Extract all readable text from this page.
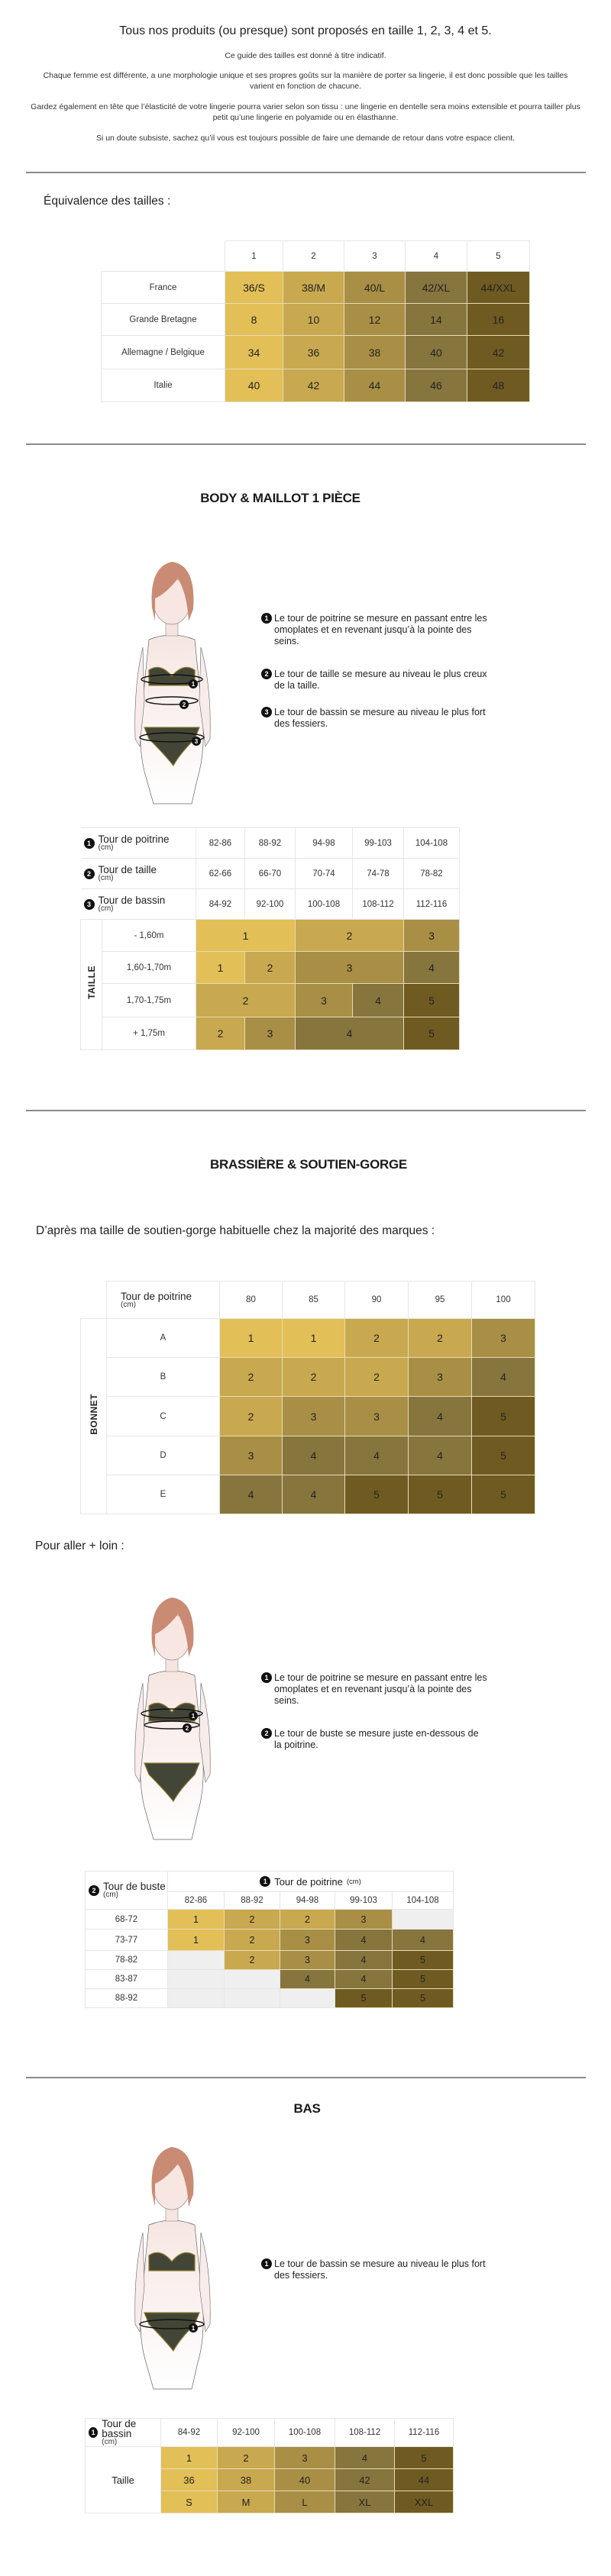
Tous nos produits (ou presque) sont proposés en taille 1, 2, 3, 4 et 5.
Ce guide des tailles est donné à titre indicatif.
Chaque femme est différente, a une morphologie unique et ses propres goûts sur la manière de porter sa lingerie, il est donc possible que les tailles varient en fonction de chacune.
Gardez également en tête que l’élasticité de votre lingerie pourra varier selon son tissu : une lingerie en dentelle sera moins extensible et pourra tailler plus petit qu’une lingerie en polyamide ou en élasthanne.
Si un doute subsiste, sachez qu’il vous est toujours possible de faire une demande de retour dans votre espace client.
Équivalence des tailles :
	1	2	3	4	5
France	36/S	38/M	40/L	42/XL	44/XXL
Grande Bretagne	8	10	12	14	16
Allemagne / Belgique	34	36	38	40	42
Italie	40	42	44	46	48
BODY & MAILLOT 1 PIÈCE
1
2
3
1 Le tour de poitrine se mesure en passant entre les omoplates et en revenant jusqu’à la pointe des seins.
2 Le tour de taille se mesure au niveau le plus creux de la taille.
3 Le tour de bassin se mesure au niveau le plus fort des fessiers.
1 Tour de poitrine
(cm)		82-86	88-92	94-98	99-103	104-108

2 Tour de taille
(cm)		62-66	66-70	70-74	74-78	78-82

3 Tour de bassin
(cm)		84-92	92-100	100-108	108-112	112-116
TAILLE	- 1,60m	1		2		3
	1,60-1,70m	1	2	3		4
	1,70-1,75m	2		3	4	5
	+ 1,75m	2	3	4		5
BRASSIÈRE & SOUTIEN-GORGE
D’après ma taille de soutien-gorge habituelle chez la majorité des marques :

	Tour de poitrine
(cm)	80	85	90	95	100
BONNET	A	1	1	2	2	3
	B	2	2	2	3	4
	C	2	3	3	4	5
	D	3	4	4	4	5
	E	4	4	5	5	5
Pour aller + loin :
1
2
1 Le tour de poitrine se mesure en passant entre les omoplates et en revenant jusqu’à la pointe des seins.
2 Le tour de buste se mesure juste en-dessous de la poitrine.
2 Tour de buste
(cm)	1 Tour de poitrine (cm)				

	82-86	88-92	94-98	99-103	104-108
68-72	1	2	2	3	
73-77	1	2	3	4	4
78-82		2	3	4	5
83-87			4	4	5
88-92				5	5
BAS
1
1 Le tour de bassin se mesure au niveau le plus fort des fessiers.
1
Tour de bassin
(cm)	84-92	92-100	100-108	108-112	112-116
Taille	1	2	3	4	5
	36	38	40	42	44
	S	M	L	XL	XXL
